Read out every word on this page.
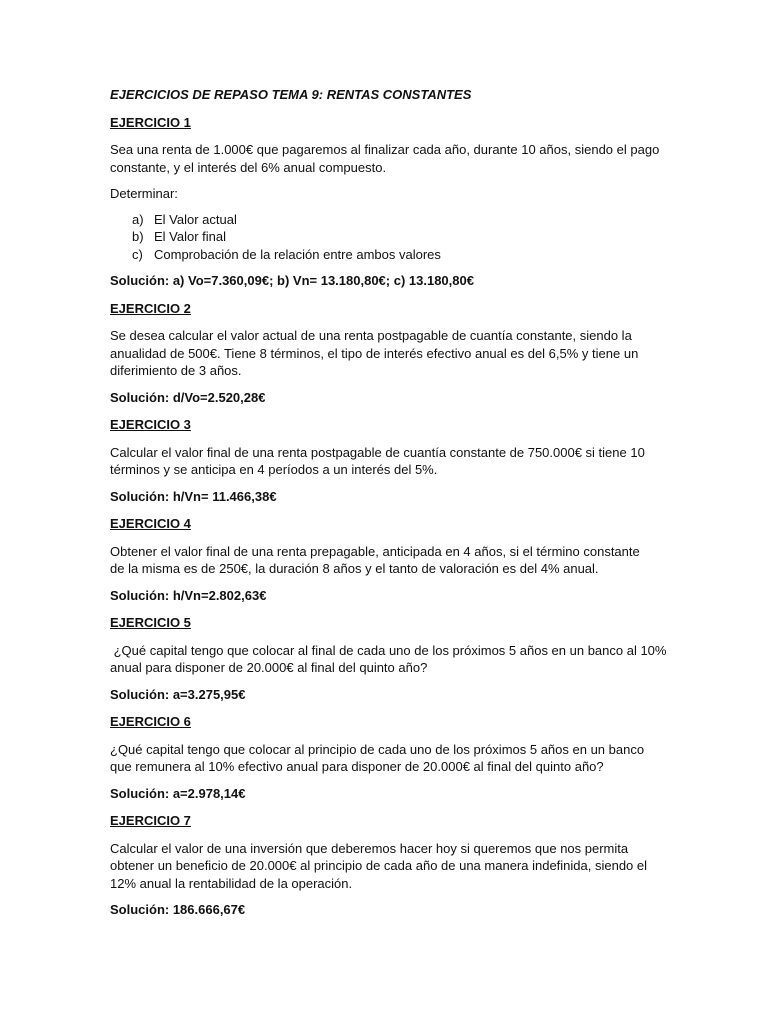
EJERCICIOS DE REPASO TEMA 9: RENTAS CONSTANTES
EJERCICIO 1

Sea una renta de 1.000€ que pagaremos al finalizar cada año, durante 10 años, siendo el pago
constante, y el interés del 6% anual compuesto.

Determinar:

a) El Valor actual
b) El Valor final
c) Comprobación de la relación entre ambos valores
Solución: a) Vo=7.360,09€; b) Vn= 13.180,80€; c) 13.180,80€
EJERCICIO 2

Se desea calcular el valor actual de una renta postpagable de cuantía constante, siendo la
anualidad de 500€. Tiene 8 términos, el tipo de interés efectivo anual es del 6,5% y tiene un
diferimiento de 3 años.

Solución: d/Vo=2.520,28€
EJERCICIO 3

Calcular el valor final de una renta postpagable de cuantía constante de 750.000€ si tiene 10
términos y se anticipa en 4 períodos a un interés del 5%.

Solución: h/Vn= 11.466,38€
EJERCICIO 4

Obtener el valor final de una renta prepagable, anticipada en 4 años, si el término constante
de la misma es de 250€, la duración 8 años y el tanto de valoración es del 4% anual.

Solución: h/Vn=2.802,63€
EJERCICIO 5

¿Qué capital tengo que colocar al final de cada uno de los próximos 5 años en un banco al 10%
anual para disponer de 20.000€ al final del quinto año?

Solución: a=3.275,95€
EJERCICIO 6

¿Qué capital tengo que colocar al principio de cada uno de los próximos 5 años en un banco
que remunera al 10% efectivo anual para disponer de 20.000€ al final del quinto año?

Solución: a=2.978,14€
EJERCICIO 7

Calcular el valor de una inversión que deberemos hacer hoy si queremos que nos permita
obtener un beneficio de 20.000€ al principio de cada año de una manera indefinida, siendo el
12% anual la rentabilidad de la operación.

Solución: 186.666,67€
